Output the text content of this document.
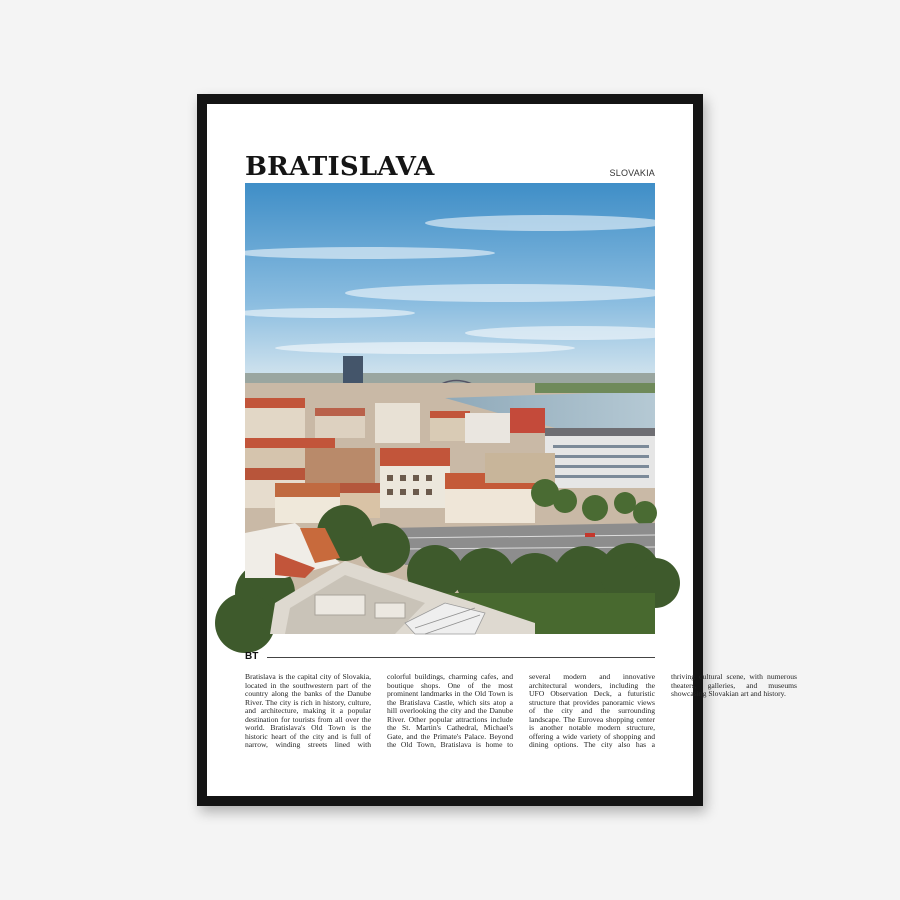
BRATISLAVA	SLOVAKIA
BT
Bratislava is the capital city of Slovakia, located in the southwestern part of the country along the banks of the Danube River. The city is rich in history, culture, and architecture, making it a popular destination for tourists from all over the world. Bratislava's Old Town is the historic heart of the city and is full of narrow, winding streets lined with colorful buildings, charming cafes, and boutique shops. One of the most prominent landmarks in the Old Town is the Bratislava Castle, which sits atop a hill overlooking the city and the Danube River. Other popular attractions include the St. Martin's Cathedral, Michael's Gate, and the Primate's Palace. Beyond the Old Town, Bratislava is home to several modern and innovative architectural wonders, including the UFO Observation Deck, a futuristic structure that provides panoramic views of the city and the surrounding landscape. The Eurovea shopping center is another notable modern structure, offering a wide variety of shopping and dining options. The city also has a thriving cultural scene, with numerous theaters, galleries, and museums showcasing Slovakian art and history.
